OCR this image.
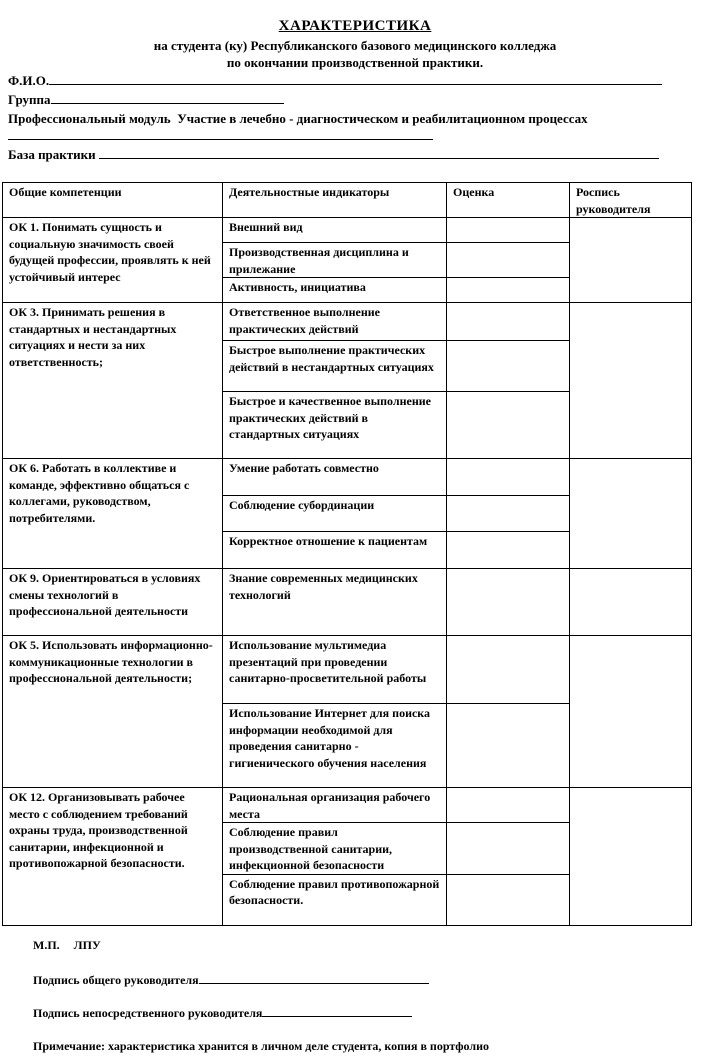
ХАРАКТЕРИСТИКА
на студента (ку) Республиканского базового медицинского колледжа
по окончании производственной практики.
Ф.И.О.
Группа
Профессиональный модуль Участие в лечебно - диагностическом и реабилитационном процессах
База практики
Общие компетенции	Деятельностные индикаторы	Оценка	Роспись руководителя
ОК 1. Понимать сущность и социальную значимость своей будущей профессии, проявлять к ней устойчивый интерес	Внешний вид		
	Производственная дисциплина и прилежание		
	Активность, инициатива		
ОК 3. Принимать решения в стандартных и нестандартных ситуациях и нести за них ответственность;	Ответственное выполнение практических действий		
	Быстрое выполнение практических действий в нестандартных ситуациях		
	Быстрое и качественное выполнение практических действий в стандартных ситуациях		
ОК 6. Работать в коллективе и команде, эффективно общаться с коллегами, руководством, потребителями.	Умение работать совместно		
	Соблюдение субординации		
	Корректное отношение к пациентам		
ОК 9. Ориентироваться в условиях смены технологий в профессиональной деятельности	Знание современных медицинских технологий		
ОК 5. Использовать информационно-коммуникационные технологии в профессиональной деятельности;	Использование мультимедиа презентаций при проведении санитарно-просветительной работы		
	Использование Интернет для поиска информации необходимой для проведения санитарно - гигиенического обучения населения		
ОК 12. Организовывать рабочее место с соблюдением требований охраны труда, производственной санитарии, инфекционной и противопожарной безопасности.	Рациональная организация рабочего места		
	Соблюдение правил производственной санитарии, инфекционной безопасности		
	Соблюдение правил противопожарной безопасности.		
М.П. ЛПУ
Подпись общего руководителя
Подпись непосредственного руководителя
Примечание: характеристика хранится в личном деле студента, копия в портфолио
